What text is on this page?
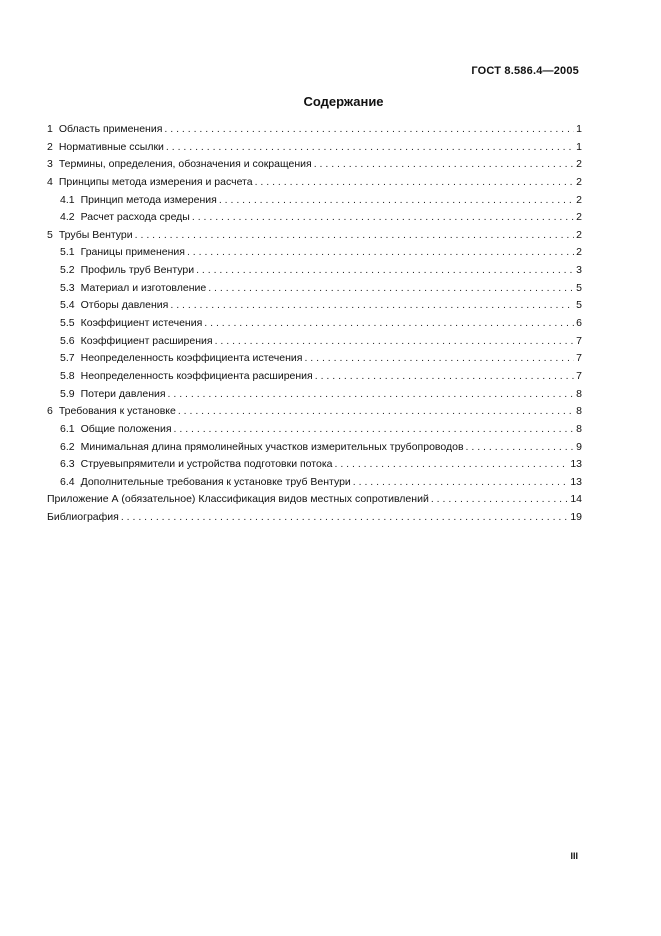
ГОСТ 8.586.4—2005
Содержание
1 Область применения . . .	1
2 Нормативные ссылки . . .	1
3 Термины, определения, обозначения и сокращения . . .	2
4 Принципы метода измерения и расчета . . .	2
4.1 Принцип метода измерения . . .	2
4.2 Расчет расхода среды . . .	2
5 Трубы Вентури . . .	2
5.1 Границы применения . . .	2
5.2 Профиль труб Вентури . . .	3
5.3 Материал и изготовление . . .	5
5.4 Отборы давления . . .	5
5.5 Коэффициент истечения . . .	6
5.6 Коэффициент расширения . . .	7
5.7 Неопределенность коэффициента истечения . . .	7
5.8 Неопределенность коэффициента расширения . . .	7
5.9 Потери давления . . .	8
6 Требования к установке . . .	8
6.1 Общие положения . . .	8
6.2 Минимальная длина прямолинейных участков измерительных трубопроводов . . .	9
6.3 Струевыпрямители и устройства подготовки потока . . .	13
6.4 Дополнительные требования к установке труб Вентури . . .	13
Приложение А (обязательное) Классификация видов местных сопротивлений . . .	14
Библиография . . .	19
III
